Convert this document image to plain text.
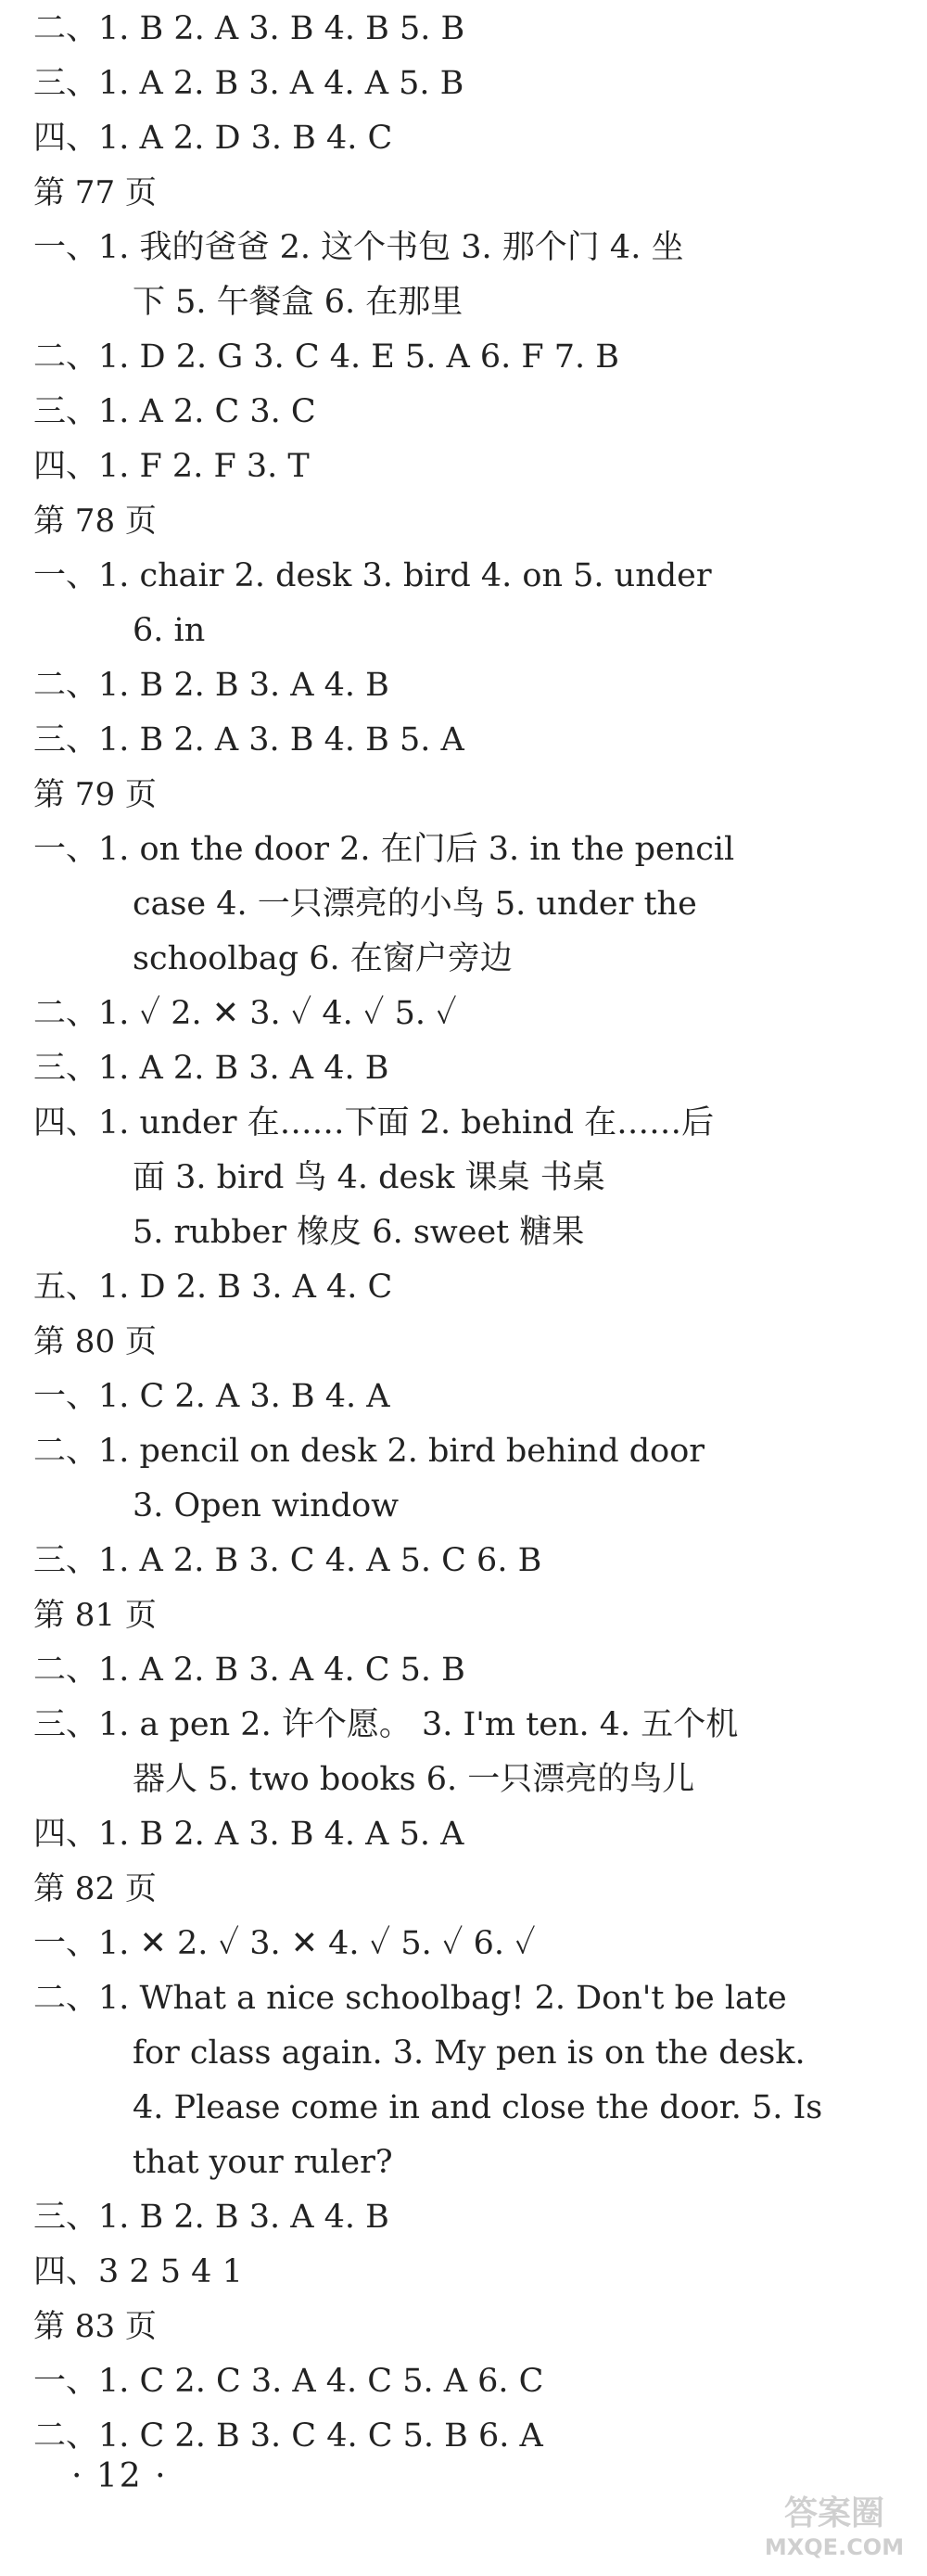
二、1. B 2. A 3. B 4. B 5. B
三、1. A 2. B 3. A 4. A 5. B
四、1. A 2. D 3. B 4. C
第 77 页
一、1. 我的爸爸 2. 这个书包 3. 那个门 4. 坐
下 5. 午餐盒 6. 在那里
二、1. D 2. G 3. C 4. E 5. A 6. F 7. B
三、1. A 2. C 3. C
四、1. F 2. F 3. T
第 78 页
一、1. chair 2. desk 3. bird 4. on 5. under
6. in
二、1. B 2. B 3. A 4. B
三、1. B 2. A 3. B 4. B 5. A
第 79 页
一、1. on the door 2. 在门后 3. in the pencil
case 4. 一只漂亮的小鸟 5. under the
schoolbag 6. 在窗户旁边
二、1. ✓ 2. ✕ 3. ✓ 4. ✓ 5. ✓
三、1. A 2. B 3. A 4. B
四、1. under 在……下面 2. behind 在……后
面 3. bird 鸟 4. desk 课桌 书桌
5. rubber 橡皮 6. sweet 糖果
五、1. D 2. B 3. A 4. C
第 80 页
一、1. C 2. A 3. B 4. A
二、1. pencil on desk 2. bird behind door
3. Open window
三、1. A 2. B 3. C 4. A 5. C 6. B
第 81 页
二、1. A 2. B 3. A 4. C 5. B
三、1. a pen 2. 许个愿。 3. I'm ten. 4. 五个机
器人 5. two books 6. 一只漂亮的鸟儿
四、1. B 2. A 3. B 4. A 5. A
第 82 页
一、1. ✕ 2. ✓ 3. ✕ 4. ✓ 5. ✓ 6. ✓
二、1. What a nice schoolbag! 2. Don't be late
for class again. 3. My pen is on the desk.
4. Please come in and close the door. 5. Is
that your ruler?
三、1. B 2. B 3. A 4. B
四、3 2 5 4 1
第 83 页
一、1. C 2. C 3. A 4. C 5. A 6. C
二、1. C 2. B 3. C 4. C 5. B 6. A
· 12 ·
答案圈
MXQE.COM
